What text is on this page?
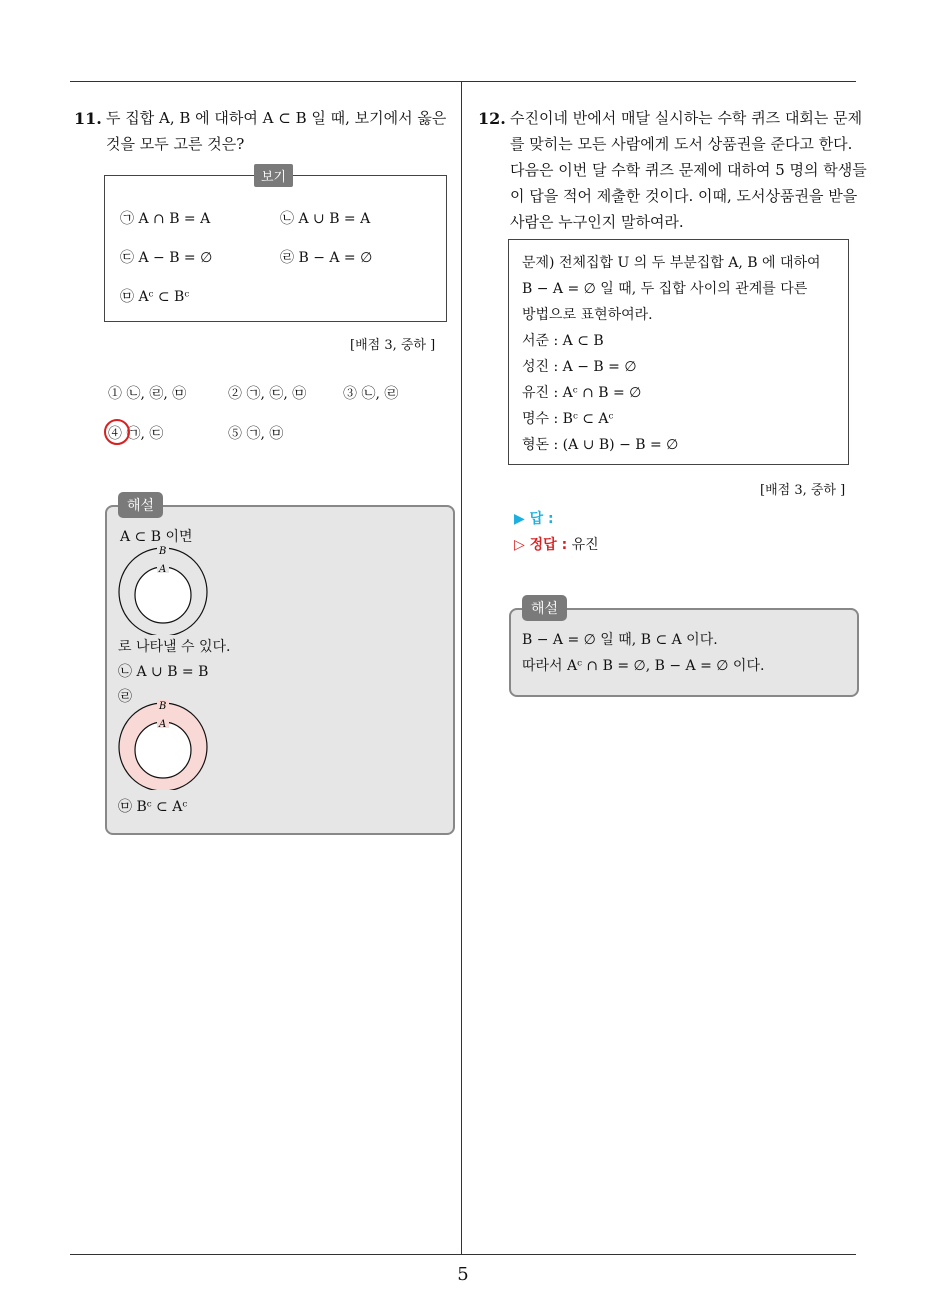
11. 두 집합 A, B 에 대하여 A ⊂ B 일 때, 보기에서 옳은
것을 모두 고른 것은?
보기
㉠ A ∩ B = A	㉡ A ∪ B = A
㉢ A − B = ∅	㉣ B − A = ∅
㉤ Aᶜ ⊂ Bᶜ
[배점 3, 중하 ]
① ㉡, ㉣, ㉤	② ㉠, ㉢, ㉤	③ ㉡, ㉣
④ ㉠, ㉢	⑤ ㉠, ㉤
해설
A ⊂ B 이면
B
A
로 나타낼 수 있다.
㉡ A ∪ B = B
㉣
B
A
㉤ Bᶜ ⊂ Aᶜ
12. 수진이네 반에서 매달 실시하는 수학 퀴즈 대회는 문제
를 맞히는 모든 사람에게 도서 상품권을 준다고 한다.
다음은 이번 달 수학 퀴즈 문제에 대하여 5 명의 학생들
이 답을 적어 제출한 것이다. 이때, 도서상품권을 받을
사람은 누구인지 말하여라.
문제) 전체집합 U 의 두 부분집합 A, B 에 대하여
B − A = ∅ 일 때, 두 집합 사이의 관계를 다른
방법으로 표현하여라.
서준 : A ⊂ B
성진 : A − B = ∅
유진 : Aᶜ ∩ B = ∅
명수 : Bᶜ ⊂ Aᶜ
형돈 : (A ∪ B) − B = ∅
[배점 3, 중하 ]
▶ 답 :
▷ 정답 : 유진
해설
B − A = ∅ 일 때, B ⊂ A 이다.
따라서 Aᶜ ∩ B = ∅, B − A = ∅ 이다.
5
